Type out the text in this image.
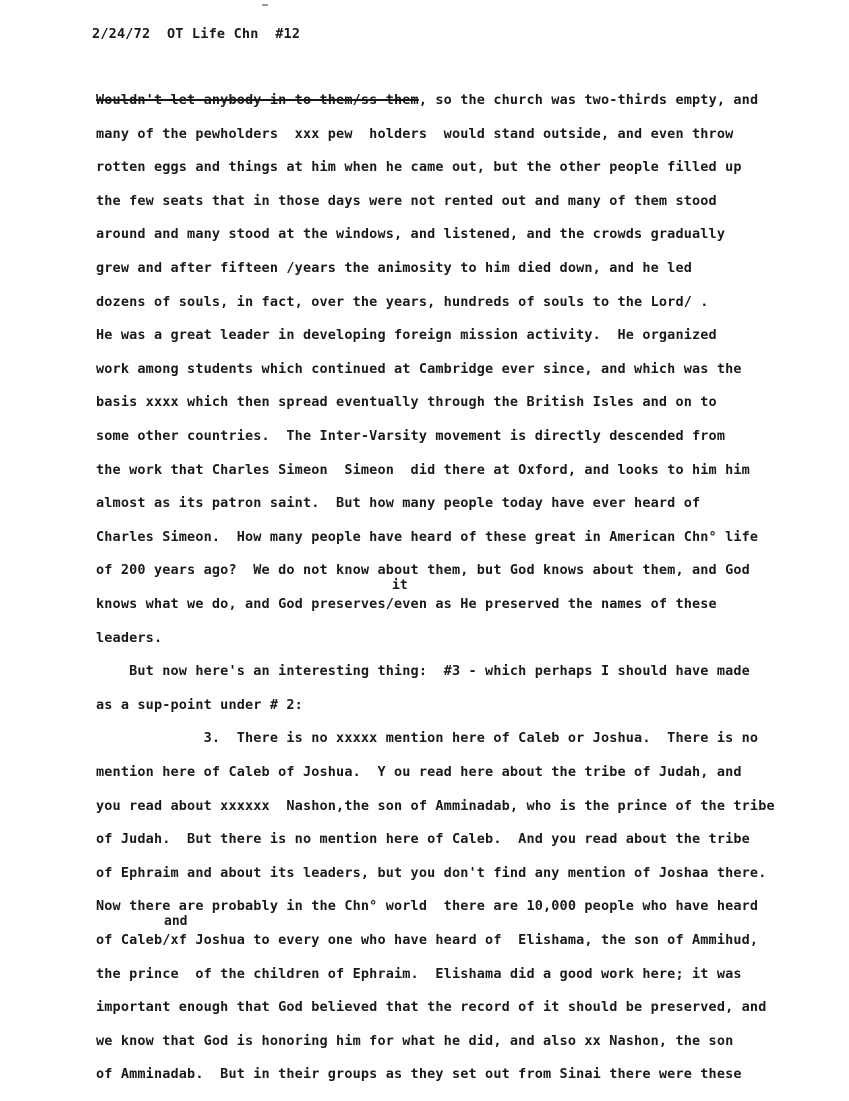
2/24/72  OT Life Chn  #12
Wouldn't let anybody in to them/ss them, so the church was two-thirds empty, and
many of the pewholders  xxx pew  holders  would stand outside, and even throw
rotten eggs and things at him when he came out, but the other people filled up
the few seats that in those days were not rented out and many of them stood
around and many stood at the windows, and listened, and the crowds gradually
grew and after fifteen /years the animosity to him died down, and he led
dozens of souls, in fact, over the years, hundreds of souls to the Lord/ .
He was a great leader in developing foreign mission activity.  He organized
work among students which continued at Cambridge ever since, and which was the
basis xxxx which then spread eventually through the British Isles and on to
some other countries.  The Inter-Varsity movement is directly descended from
the work that Charles Simeon  Simeon  did there at Oxford, and looks to him him
almost as its patron saint.  But how many people today have ever heard of
Charles Simeon.  How many people have heard of these great in American Chn° life
of 200 years ago?  We do not know about them, but God knows about them, and God
knows what we do, and God preserves/even as He preserved the names of these
leaders.
But now here's an interesting thing:  #3 - which perhaps I should have made
as a sup-point under # 2:
3.  There is no xxxxx mention here of Caleb or Joshua.  There is no
mention here of Caleb of Joshua.  Y ou read here about the tribe of Judah, and
you read about xxxxxx  Nashon,the son of Amminadab, who is the prince of the tribe
of Judah.  But there is no mention here of Caleb.  And you read about the tribe
of Ephraim and about its leaders, but you don't find any mention of Joshaa there.
Now there are probably in the Chn° world  there are 10,000 people who have heard
of Caleb/xf Joshua to every one who have heard of  Elishama, the son of Ammihud,
the prince  of the children of Ephraim.  Elishama did a good work here; it was
important enough that God believed that the record of it should be preserved, and
we know that God is honoring him for what he did, and also xx Nashon, the son
of Amminadab.  But in their groups as they set out from Sinai there were these
it
and
